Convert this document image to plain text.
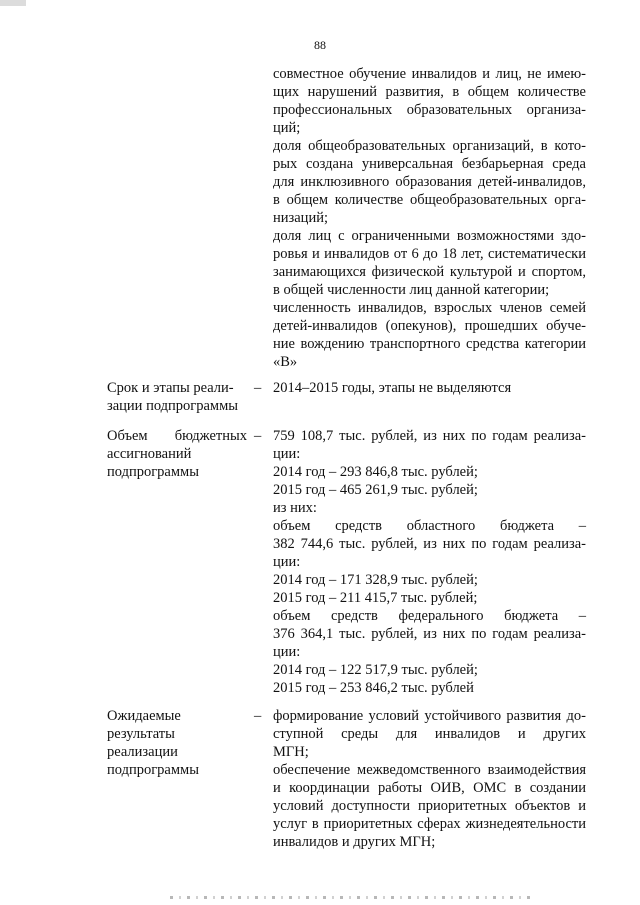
88
совместное обучение инвалидов и лиц, не имею-
щих нарушений развития, в общем количестве
профессиональных образовательных организа-
ций;
доля общеобразовательных организаций, в кото-
рых создана универсальная безбарьерная среда
для инклюзивного образования детей-инвалидов,
в общем количестве общеобразовательных орга-
низаций;
доля лиц с ограниченными возможностями здо-
ровья и инвалидов от 6 до 18 лет, систематически
занимающихся физической культурой и спортом,
в общей численности лиц данной категории;
численность инвалидов, взрослых членов семей
детей-инвалидов (опекунов), прошедших обуче-
ние вождению транспортного средства категории
«B»
Срок и этапы реали-
зации подпрограммы
– 2014–2015 годы, этапы не выделяются
Объем бюджетных
ассигнований
подпрограммы
– 759 108,7 тыс. рублей, из них по годам реализа-
ции:
2014 год – 293 846,8 тыс. рублей;
2015 год – 465 261,9 тыс. рублей;
из них:
объем средств областного бюджета –
382 744,6 тыс. рублей, из них по годам реализа-
ции:
2014 год – 171 328,9 тыс. рублей;
2015 год – 211 415,7 тыс. рублей;
объем средств федерального бюджета –
376 364,1 тыс. рублей, из них по годам реализа-
ции:
2014 год – 122 517,9 тыс. рублей;
2015 год – 253 846,2 тыс. рублей
Ожидаемые
результаты
реализации
подпрограммы
– формирование условий устойчивого развития до-
ступной среды для инвалидов и других
МГН;
обеспечение межведомственного взаимодействия
и координации работы ОИВ, ОМС в создании
условий доступности приоритетных объектов и
услуг в приоритетных сферах жизнедеятельности
инвалидов и других МГН;
